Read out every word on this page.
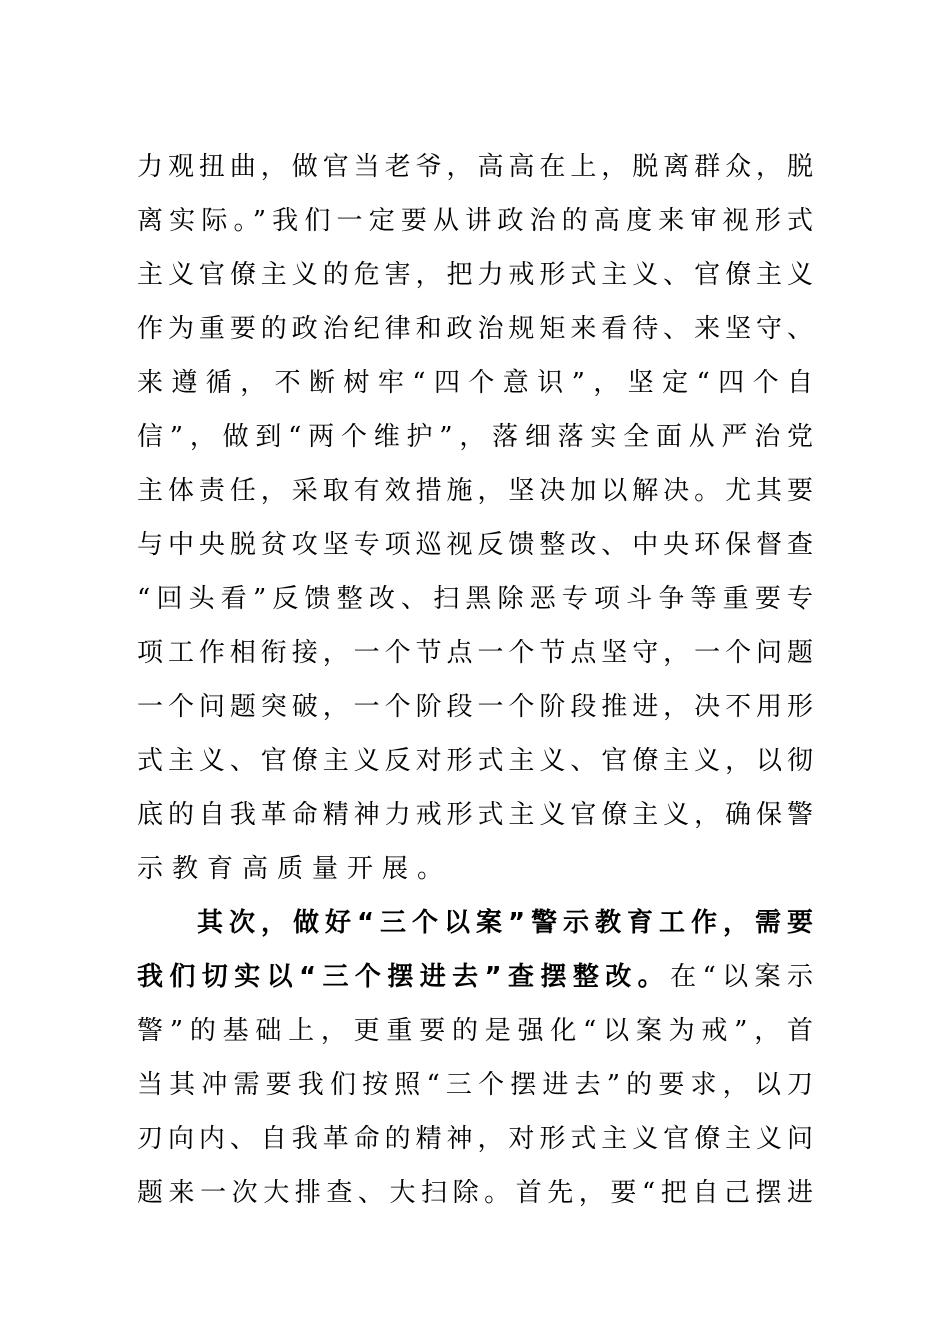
力观扭曲，做官当老爷，高高在上，脱离群众，脱
离实际。”我们一定要从讲政治的高度来审视形式
主义官僚主义的危害，把力戒形式主义、官僚主义
作为重要的政治纪律和政治规矩来看待、来坚守、
来遵循，不断树牢“四个意识”，坚定“四个自
信”，做到“两个维护”，落细落实全面从严治党
主体责任，采取有效措施，坚决加以解决。尤其要
与中央脱贫攻坚专项巡视反馈整改、中央环保督查
“回头看”反馈整改、扫黑除恶专项斗争等重要专
项工作相衔接，一个节点一个节点坚守，一个问题
一个问题突破，一个阶段一个阶段推进，决不用形
式主义、官僚主义反对形式主义、官僚主义，以彻
底的自我革命精神力戒形式主义官僚主义，确保警
示教育高质量开展。
其次，做好“三个以案”警示教育工作，需要
我们切实以“三个摆进去”查摆整改。在“以案示
警”的基础上，更重要的是强化“以案为戒”，首
当其冲需要我们按照“三个摆进去”的要求，以刀
刃向内、自我革命的精神，对形式主义官僚主义问
题来一次大排查、大扫除。首先，要“把自己摆进
